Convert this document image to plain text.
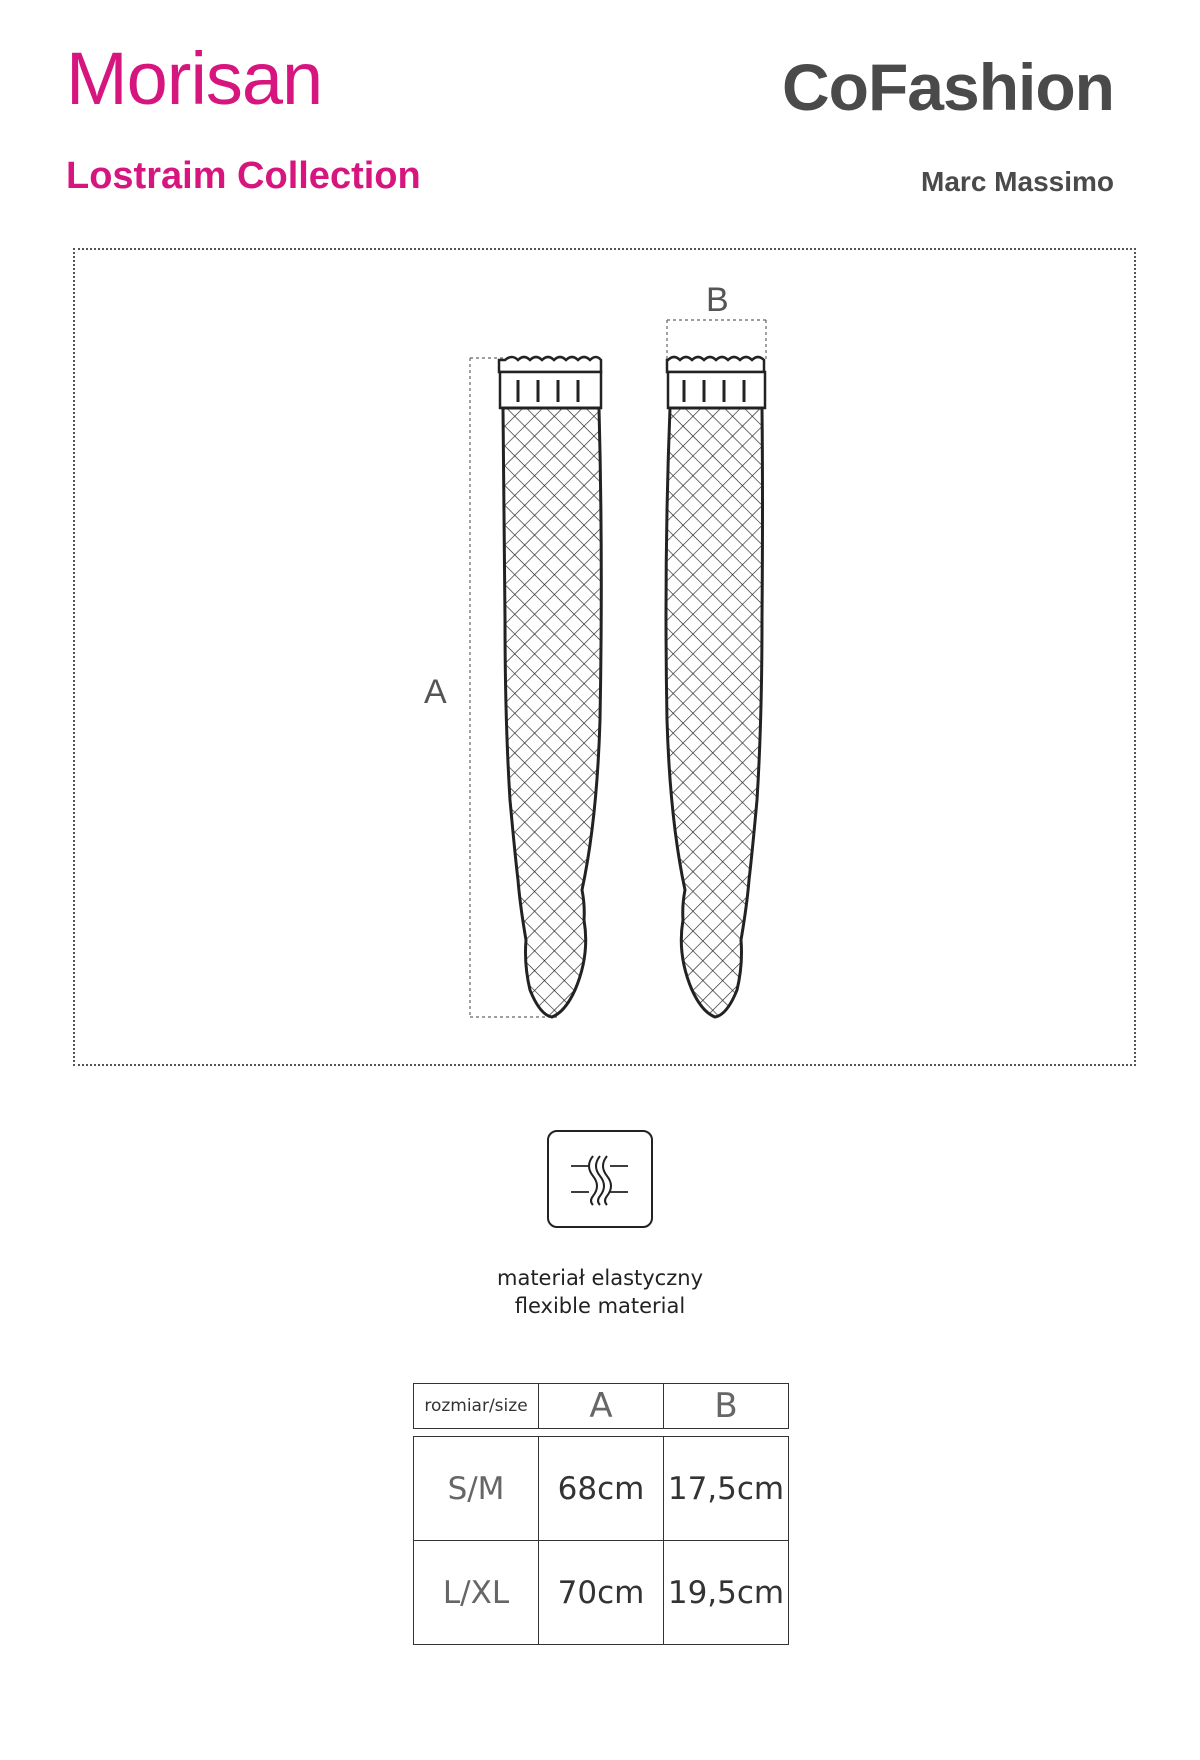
Morisan
Lostraim Collection
CoFashion
Marc Massimo
A
B
materiał elastyczny
flexible material
rozmiar/size	A	B
S/M	68cm	17,5cm
L/XL	70cm	19,5cm
